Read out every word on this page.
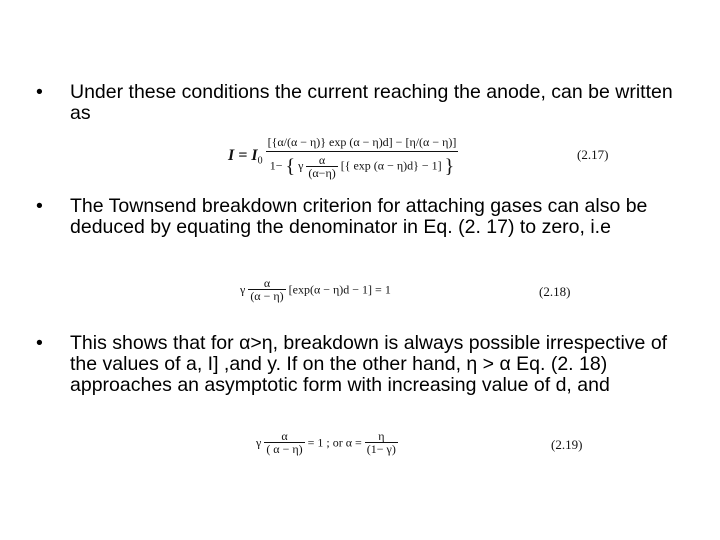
• Under these conditions the current reaching the anode, can be written as
$I = I_0$
[{α/(α − η)} exp (α − η)d] − [η/(α − η)]
1− { γ $\frac{\alpha}{(\alpha-\eta)}$ [{ exp (α − η)d} − 1] }
(2.17)
• The Townsend breakdown criterion for attaching gases can also be deduced by equating the denominator in Eq. (2. 17) to zero, i.e
γ $\frac{\alpha}{(\alpha - \eta)} [\exp(\alpha - \eta)d - 1] = 1$	(2.18)
• This shows that for α>η, breakdown is always possible irrespective of the values of a, I] ,and y. If on the other hand, η > α Eq. (2. 18) approaches an asymptotic form with increasing value of d, and
γ $\frac{\alpha}{( \alpha - \eta)} = 1$ ; or $\alpha = \frac{\eta}{(1- \gamma)}$	(2.19)
